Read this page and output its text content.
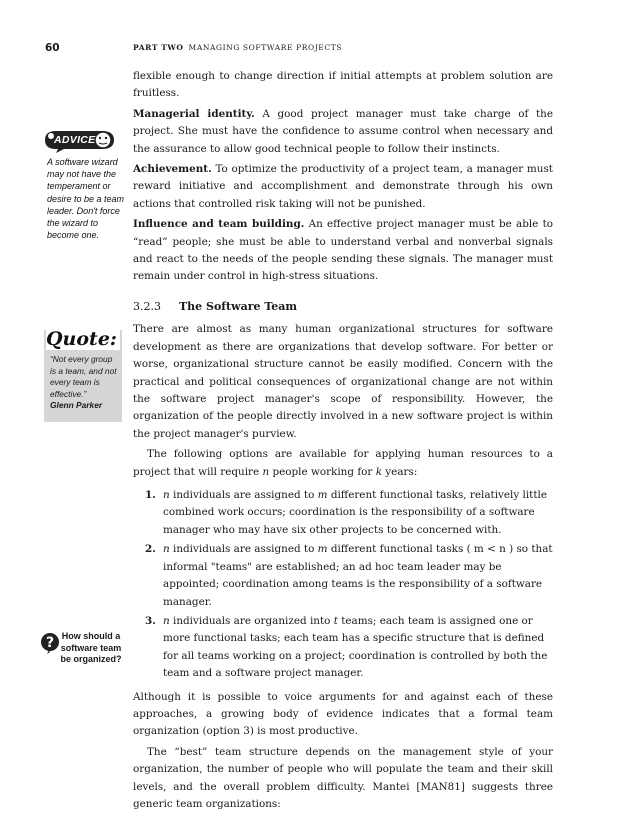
60	PART TWO MANAGING SOFTWARE PROJECTS
ADVICE
A software wizard may not have the temperament or desire to be a team leader. Don't force the wizard to become one.
Quote:
“Not every group is a team, and not every team is effective.”
Glenn Parker
? How should a software team be organized?

flexible enough to change direction if initial attempts at problem solution are fruitless.

Managerial identity. A good project manager must take charge of the project. She must have the confidence to assume control when necessary and the assurance to allow good technical people to follow their instincts.

Achievement. To optimize the productivity of a project team, a manager must reward initiative and accomplishment and demonstrate through his own actions that controlled risk taking will not be punished.

Influence and team building. An effective project manager must be able to “read” people; she must be able to understand verbal and nonverbal signals and react to the needs of the people sending these signals. The manager must remain under control in high-stress situations.

3.2.3 The Software Team

There are almost as many human organizational structures for software development as there are organizations that develop software. For better or worse, organizational structure cannot be easily modified. Concern with the practical and political consequences of organizational change are not within the software project manager's scope of responsibility. However, the organization of the people directly involved in a new software project is within the project manager's purview.

The following options are available for applying human resources to a project that will require n people working for k years:

1. n individuals are assigned to m different functional tasks, relatively little combined work occurs; coordination is the responsibility of a software manager who may have six other projects to be concerned with.
2. n individuals are assigned to m different functional tasks ( m < n ) so that informal "teams" are established; an ad hoc team leader may be appointed; coordination among teams is the responsibility of a software manager.
3. n individuals are organized into t teams; each team is assigned one or more functional tasks; each team has a specific structure that is defined for all teams working on a project; coordination is controlled by both the team and a software project manager.

Although it is possible to voice arguments for and against each of these approaches, a growing body of evidence indicates that a formal team organization (option 3) is most productive.

The “best” team structure depends on the management style of your organization, the number of people who will populate the team and their skill levels, and the overall problem difficulty. Mantei [MAN81] suggests three generic team organizations:
